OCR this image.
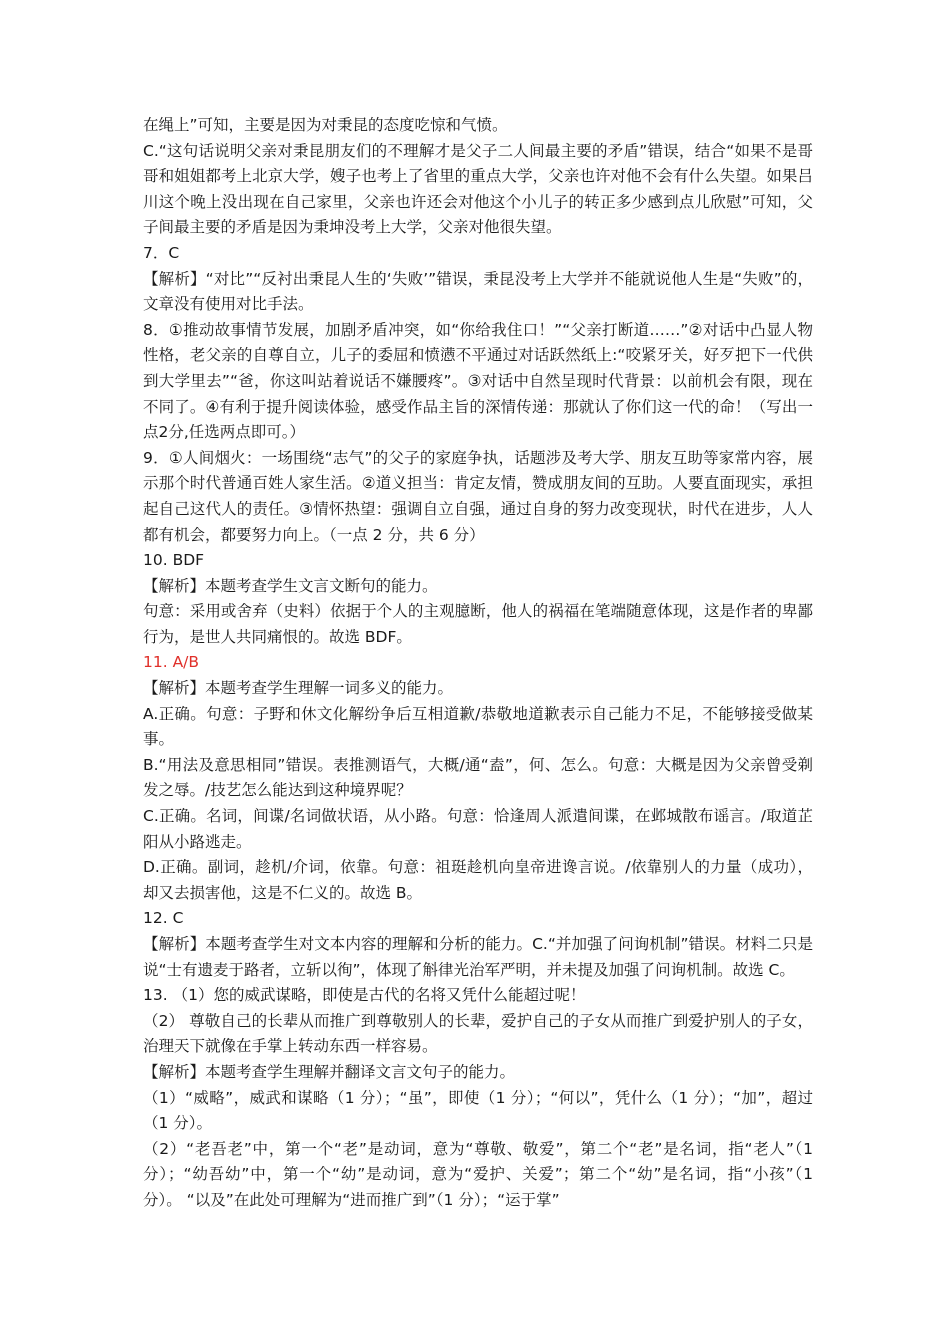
在绳上”可知，主要是因为对秉昆的态度吃惊和气愤。

C.“这句话说明父亲对秉昆朋友们的不理解才是父子二人间最主要的矛盾”错误，结合“如果不是哥哥和姐姐都考上北京大学，嫂子也考上了省里的重点大学，父亲也许对他不会有什么失望。如果吕川这个晚上没出现在自己家里，父亲也许还会对他这个小儿子的转正多少感到点儿欣慰”可知，父子间最主要的矛盾是因为秉坤没考上大学，父亲对他很失望。

7．C

【解析】“对比”“反衬出秉昆人生的‘失败’”错误，秉昆没考上大学并不能就说他人生是“失败”的，文章没有使用对比手法。

8．①推动故事情节发展，加剧矛盾冲突，如“你给我住口！”“父亲打断道……”②对话中凸显人物性格，老父亲的自尊自立，儿子的委屈和愤懑不平通过对话跃然纸上:“咬紧牙关，好歹把下一代供到大学里去”“爸，你这叫站着说话不嫌腰疼”。③对话中自然呈现时代背景：以前机会有限，现在不同了。④有利于提升阅读体验，感受作品主旨的深情传递：那就认了你们这一代的命！（写出一点2分,任选两点即可。）

9．①人间烟火：一场围绕“志气”的父子的家庭争执，话题涉及考大学、朋友互助等家常内容，展示那个时代普通百姓人家生活。②道义担当：肯定友情，赞成朋友间的互助。人要直面现实，承担起自己这代人的责任。③情怀热望：强调自立自强，通过自身的努力改变现状，时代在进步，人人都有机会，都要努力向上。（一点 2 分，共 6 分）

10. BDF

【解析】本题考查学生文言文断句的能力。

句意：采用或舍弃（史料）依据于个人的主观臆断，他人的祸福在笔端随意体现，这是作者的卑鄙行为，是世人共同痛恨的。故选 BDF。

11. A/B

【解析】本题考查学生理解一词多义的能力。

A.正确。句意：子野和休文化解纷争后互相道歉/恭敬地道歉表示自己能力不足，不能够接受做某事。

B.“用法及意思相同”错误。表推测语气，大概/通“盍”，何、怎么。句意：大概是因为父亲曾受剃发之辱。/技艺怎么能达到这种境界呢？

C.正确。名词，间谍/名词做状语，从小路。句意：恰逢周人派遣间谍，在邺城散布谣言。/取道芷阳从小路逃走。

D.正确。副词，趁机/介词，依靠。句意：祖珽趁机向皇帝进谗言说。/依靠别人的力量（成功），却又去损害他，这是不仁义的。故选 B。

12. C

【解析】本题考查学生对文本内容的理解和分析的能力。C.“并加强了问询机制”错误。材料二只是说“士有遗麦于路者，立斩以徇”，体现了斛律光治军严明，并未提及加强了问询机制。故选 C。

13. （1）您的威武谋略，即使是古代的名将又凭什么能超过呢！

（2） 尊敬自己的长辈从而推广到尊敬别人的长辈，爱护自己的子女从而推广到爱护别人的子女，治理天下就像在手掌上转动东西一样容易。

【解析】本题考查学生理解并翻译文言文句子的能力。

（1）“威略”，威武和谋略（1 分）；“虽”，即使（1 分）；“何以”，凭什么（1 分）；“加”，超过（1 分）。

（2）“老吾老”中，第一个“老”是动词，意为“尊敬、敬爱”，第二个“老”是名词，指“老人”（1 分）；“幼吾幼”中，第一个“幼”是动词，意为“爱护、关爱”；第二个“幼”是名词，指“小孩”（1 分）。 “以及”在此处可理解为“进而推广到”（1 分）；“运于掌”
